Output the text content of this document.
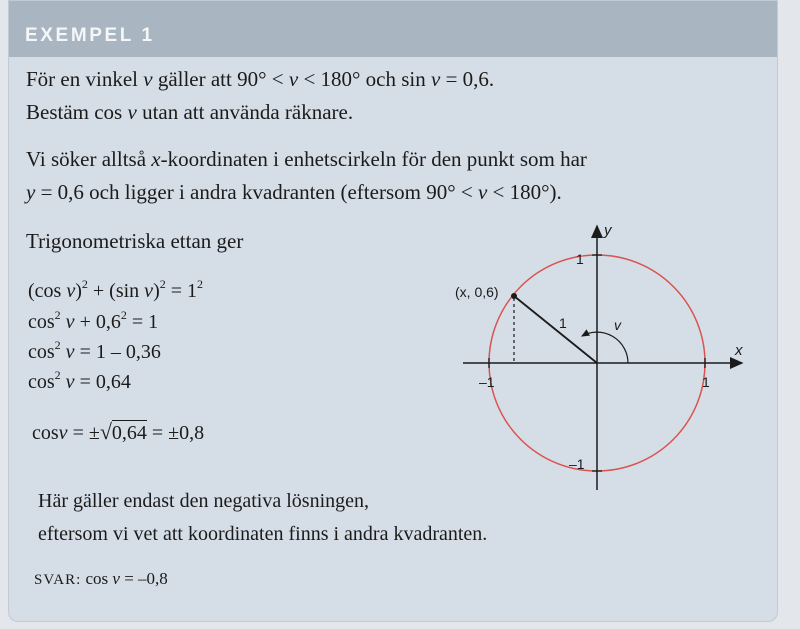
EXEMPEL 1
För en vinkel v gäller att 90° < v < 180° och sin v = 0,6.
Bestäm cos v utan att använda räknare.
Vi söker alltså x-koordinaten i enhetscirkeln för den punkt som har
y = 0,6 och ligger i andra kvadranten (eftersom 90° < v < 180°).
Trigonometriska ettan ger
(cos v)$^2$ + (sin $v)^2 = 1^2$
$\cos^2 v + 0,6^2 = 1$
$\cos^2 v = 1 - 0,36$
$\cos^2 v = 0,64$
cosv = ±√0,64 = ±0,8
Här gäller endast den negativa lösningen,
eftersom vi vet att koordinaten finns i andra kvadranten.
SVAR: cos v = –0,8
x
y
(x, 0,6)
1	v
1
–1
1
–1
